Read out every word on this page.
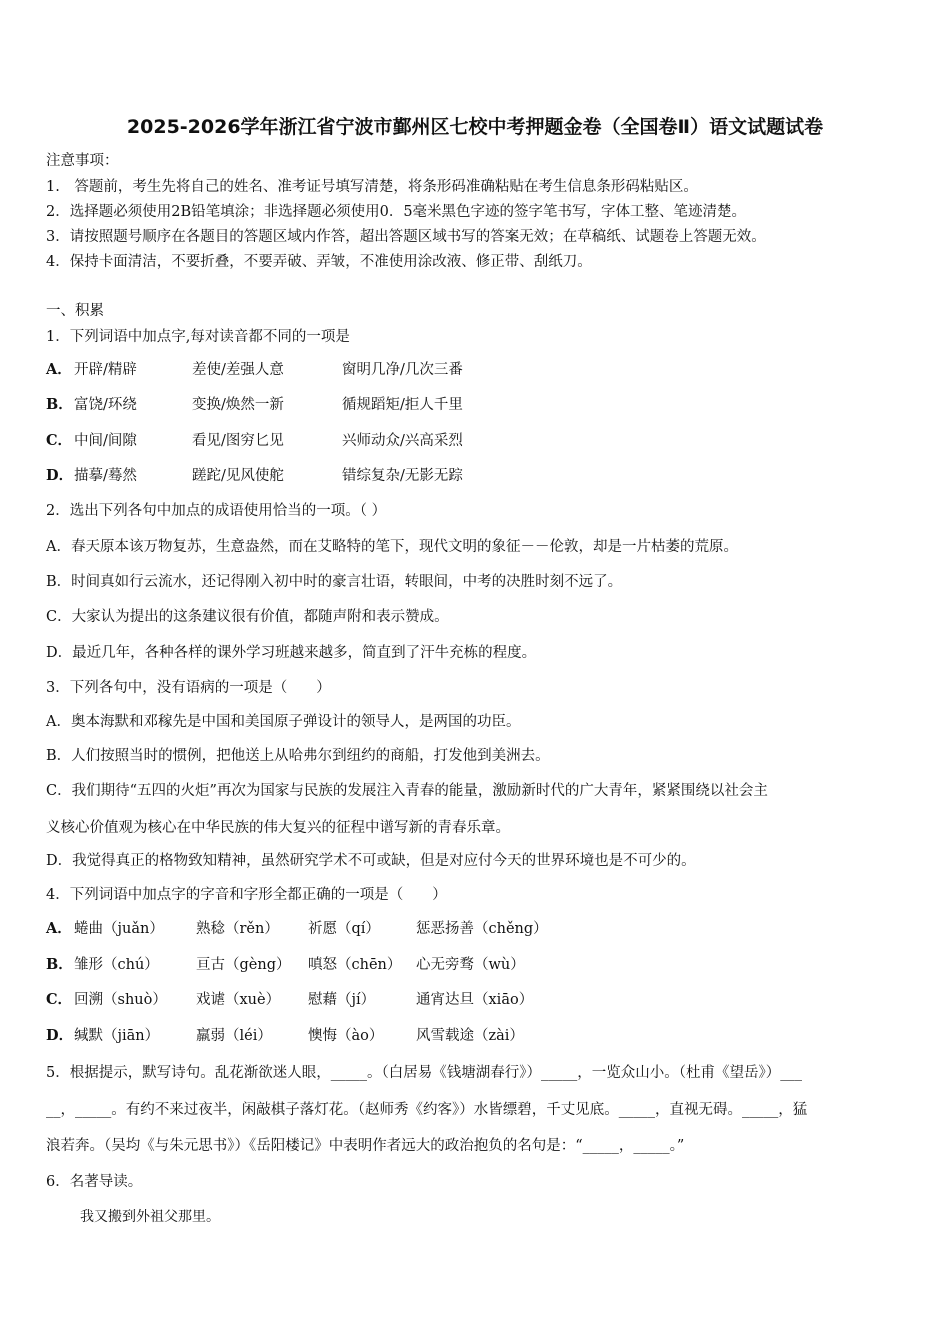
2025-2026学年浙江省宁波市鄞州区七校中考押题金卷（全国卷Ⅱ）语文试题试卷
注意事项：
1.　答题前，考生先将自己的姓名、准考证号填写清楚，将条形码准确粘贴在考生信息条形码粘贴区。
2．选择题必须使用2B铅笔填涂；非选择题必须使用0．5毫米黑色字迹的签字笔书写，字体工整、笔迹清楚。
3．请按照题号顺序在各题目的答题区域内作答，超出答题区域书写的答案无效；在草稿纸、试题卷上答题无效。
4．保持卡面清洁，不要折叠，不要弄破、弄皱，不准使用涂改液、修正带、刮纸刀。
一、积累
1．下列词语中加点字,每对读音都不同的一项是
A． 开辟/精辟	差使/差强人意	窗明几净/几次三番
B．富饶/环绕	变换/焕然一新	循规蹈矩/拒人千里
C． 中间/间隙	看见/图穷匕见	兴师动众/兴高采烈
D．描摹/蓦然	蹉跎/见风使舵	错综复杂/无影无踪
2．选出下列各句中加点的成语使用恰当的一项。（ ）
A．春天原本该万物复苏，生意盎然，而在艾略特的笔下，现代文明的象征－－伦敦，却是一片枯萎的荒原。
B．时间真如行云流水，还记得刚入初中时的豪言壮语，转眼间，中考的决胜时刻不远了。
C．大家认为提出的这条建议很有价值，都随声附和表示赞成。
D．最近几年，各种各样的课外学习班越来越多，简直到了汗牛充栋的程度。
3．下列各句中，没有语病的一项是（　　）
A．奥本海默和邓稼先是中国和美国原子弹设计的领导人，是两国的功臣。
B．人们按照当时的惯例，把他送上从哈弗尔到纽约的商船，打发他到美洲去。
C．我们期待“五四的火炬”再次为国家与民族的发展注入青春的能量，激励新时代的广大青年，紧紧围绕以社会主
义核心价值观为核心在中华民族的伟大复兴的征程中谱写新的青春乐章。
D．我觉得真正的格物致知精神，虽然研究学术不可或缺，但是对应付今天的世界环境也是不可少的。
4．下列词语中加点字的字音和字形全都正确的一项是（　　）
A． 蜷曲（juǎn） 熟稔（rěn） 祈愿（qí） 惩恶扬善（chěng）
B．雏形（chú）	亘古（gèng） 嗔怒（chēn） 心无旁骛（wù）
C． 回溯（shuò） 戏谑（xuè） 慰藉（jí）	通宵达旦（xiāo）
D．缄默（jiān）	羸弱（léi） 懊悔（ào） 风雪载途（zài）
5．根据提示，默写诗句。乱花渐欲迷人眼，_____。（白居易《钱塘湖春行》）_____，一览众山小。（杜甫《望岳》）___
__，_____。有约不来过夜半，闲敲棋子落灯花。（赵师秀《约客》）水皆缥碧，千丈见底。_____，直视无碍。_____，猛
浪若奔。（吴均《与朱元思书》）《岳阳楼记》中表明作者远大的政治抱负的名句是：“_____，_____。”
6．名著导读。
我又搬到外祖父那里。
